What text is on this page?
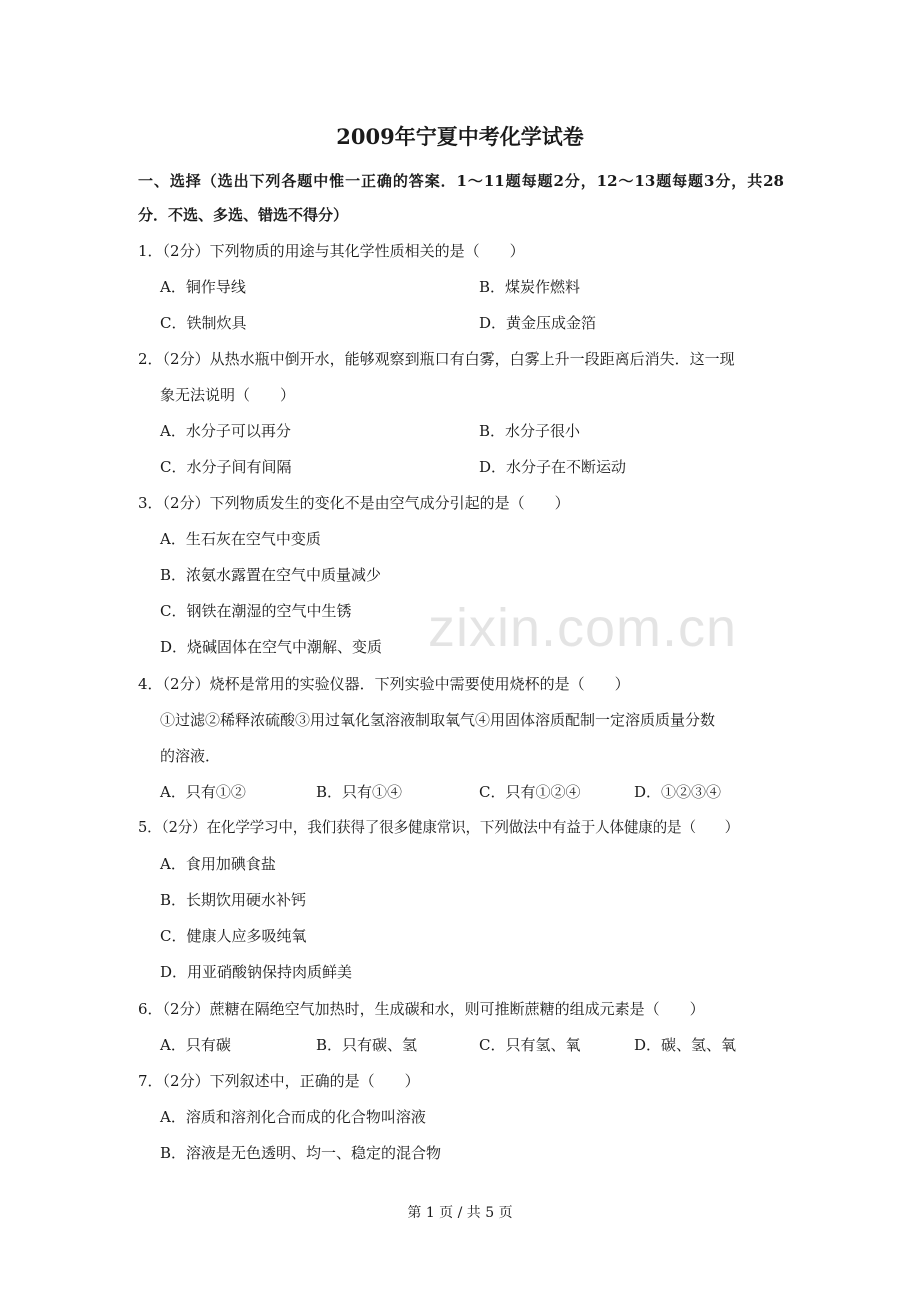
2009年宁夏中考化学试卷
一、选择（选出下列各题中惟一正确的答案．1～11题每题2分，12～13题每题3分，共28
分．不选、多选、错选不得分）
1．（2分）下列物质的用途与其化学性质相关的是（　　）
A．铜作导线	B．煤炭作燃料
C．铁制炊具	D．黄金压成金箔
2．（2分）从热水瓶中倒开水，能够观察到瓶口有白雾，白雾上升一段距离后消失．这一现
象无法说明（　　）
A．水分子可以再分	B．水分子很小
C．水分子间有间隔	D．水分子在不断运动
3．（2分）下列物质发生的变化不是由空气成分引起的是（　　）
A．生石灰在空气中变质
B．浓氨水露置在空气中质量减少
C．钢铁在潮湿的空气中生锈
D．烧碱固体在空气中潮解、变质
4．（2分）烧杯是常用的实验仪器．下列实验中需要使用烧杯的是（　　）
①过滤②稀释浓硫酸③用过氧化氢溶液制取氧气④用固体溶质配制一定溶质质量分数
的溶液．
A．只有①②	B．只有①④	C．只有①②④	D．①②③④
5．（2分）在化学学习中，我们获得了很多健康常识，下列做法中有益于人体健康的是（　　）
A．食用加碘食盐
B．长期饮用硬水补钙
C．健康人应多吸纯氧
D．用亚硝酸钠保持肉质鲜美
6．（2分）蔗糖在隔绝空气加热时，生成碳和水，则可推断蔗糖的组成元素是（　　）
A．只有碳	B．只有碳、氢	C．只有氢、氧	D．碳、氢、氧
7．（2分）下列叙述中，正确的是（　　）
A．溶质和溶剂化合而成的化合物叫溶液
B．溶液是无色透明、均一、稳定的混合物
zixin.com.cn
第 1 页 / 共 5 页
